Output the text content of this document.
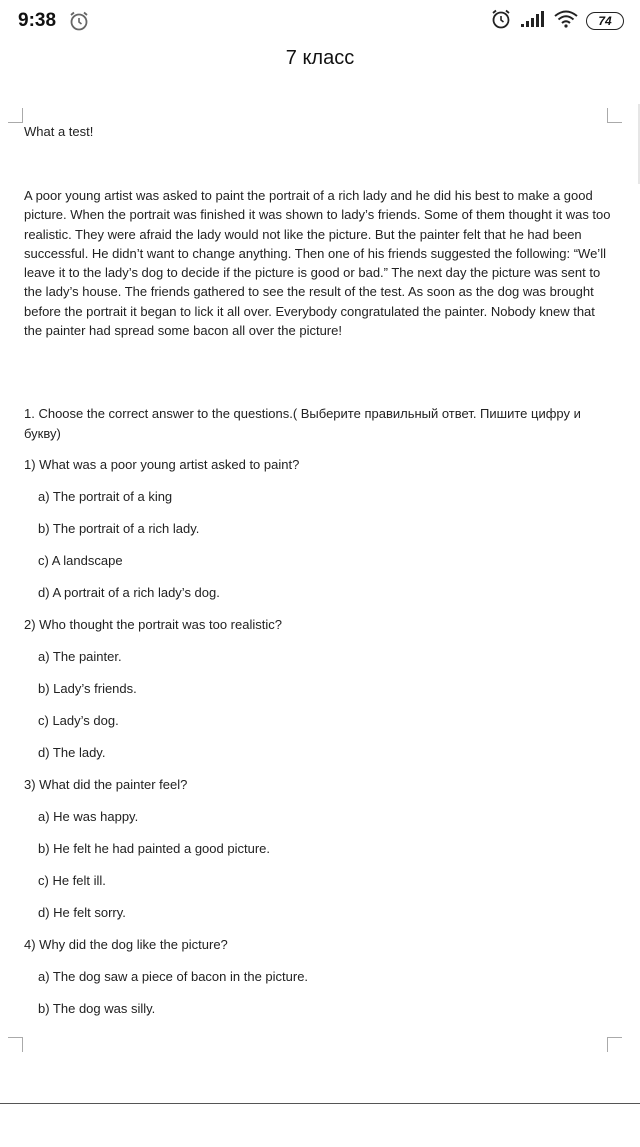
9:38	74
7 класс
What a test!
A poor young artist was asked to paint the portrait of a rich lady and he did his best to make a good picture. When the portrait was finished it was shown to lady’s friends. Some of them thought it was too realistic. They were afraid the lady would not like the picture. But the painter felt that he had been successful. He didn’t want to change anything. Then one of his friends suggested the following: “We’ll leave it to the lady’s dog to decide if the picture is good or bad.” The next day the picture was sent to the lady’s house. The friends gathered to see the result of the test. As soon as the dog was brought before the portrait it began to lick it all over. Everybody congratulated the painter. Nobody knew that the painter had spread some bacon all over the picture!
1. Choose the correct answer to the questions.( Выберите правильный ответ. Пишите цифру и букву)
1) What was a poor young artist asked to paint?
a) The portrait of a king
b) The portrait of a rich lady.
c) A landscape
d) A portrait of a rich lady’s dog.
2) Who thought the portrait was too realistic?
a) The painter.
b) Lady’s friends.
c) Lady’s dog.
d) The lady.
3) What did the painter feel?
a) He was happy.
b) He felt he had painted a good picture.
c) He felt ill.
d) He felt sorry.
4) Why did the dog like the picture?
a) The dog saw a piece of bacon in the picture.
b) The dog was silly.
